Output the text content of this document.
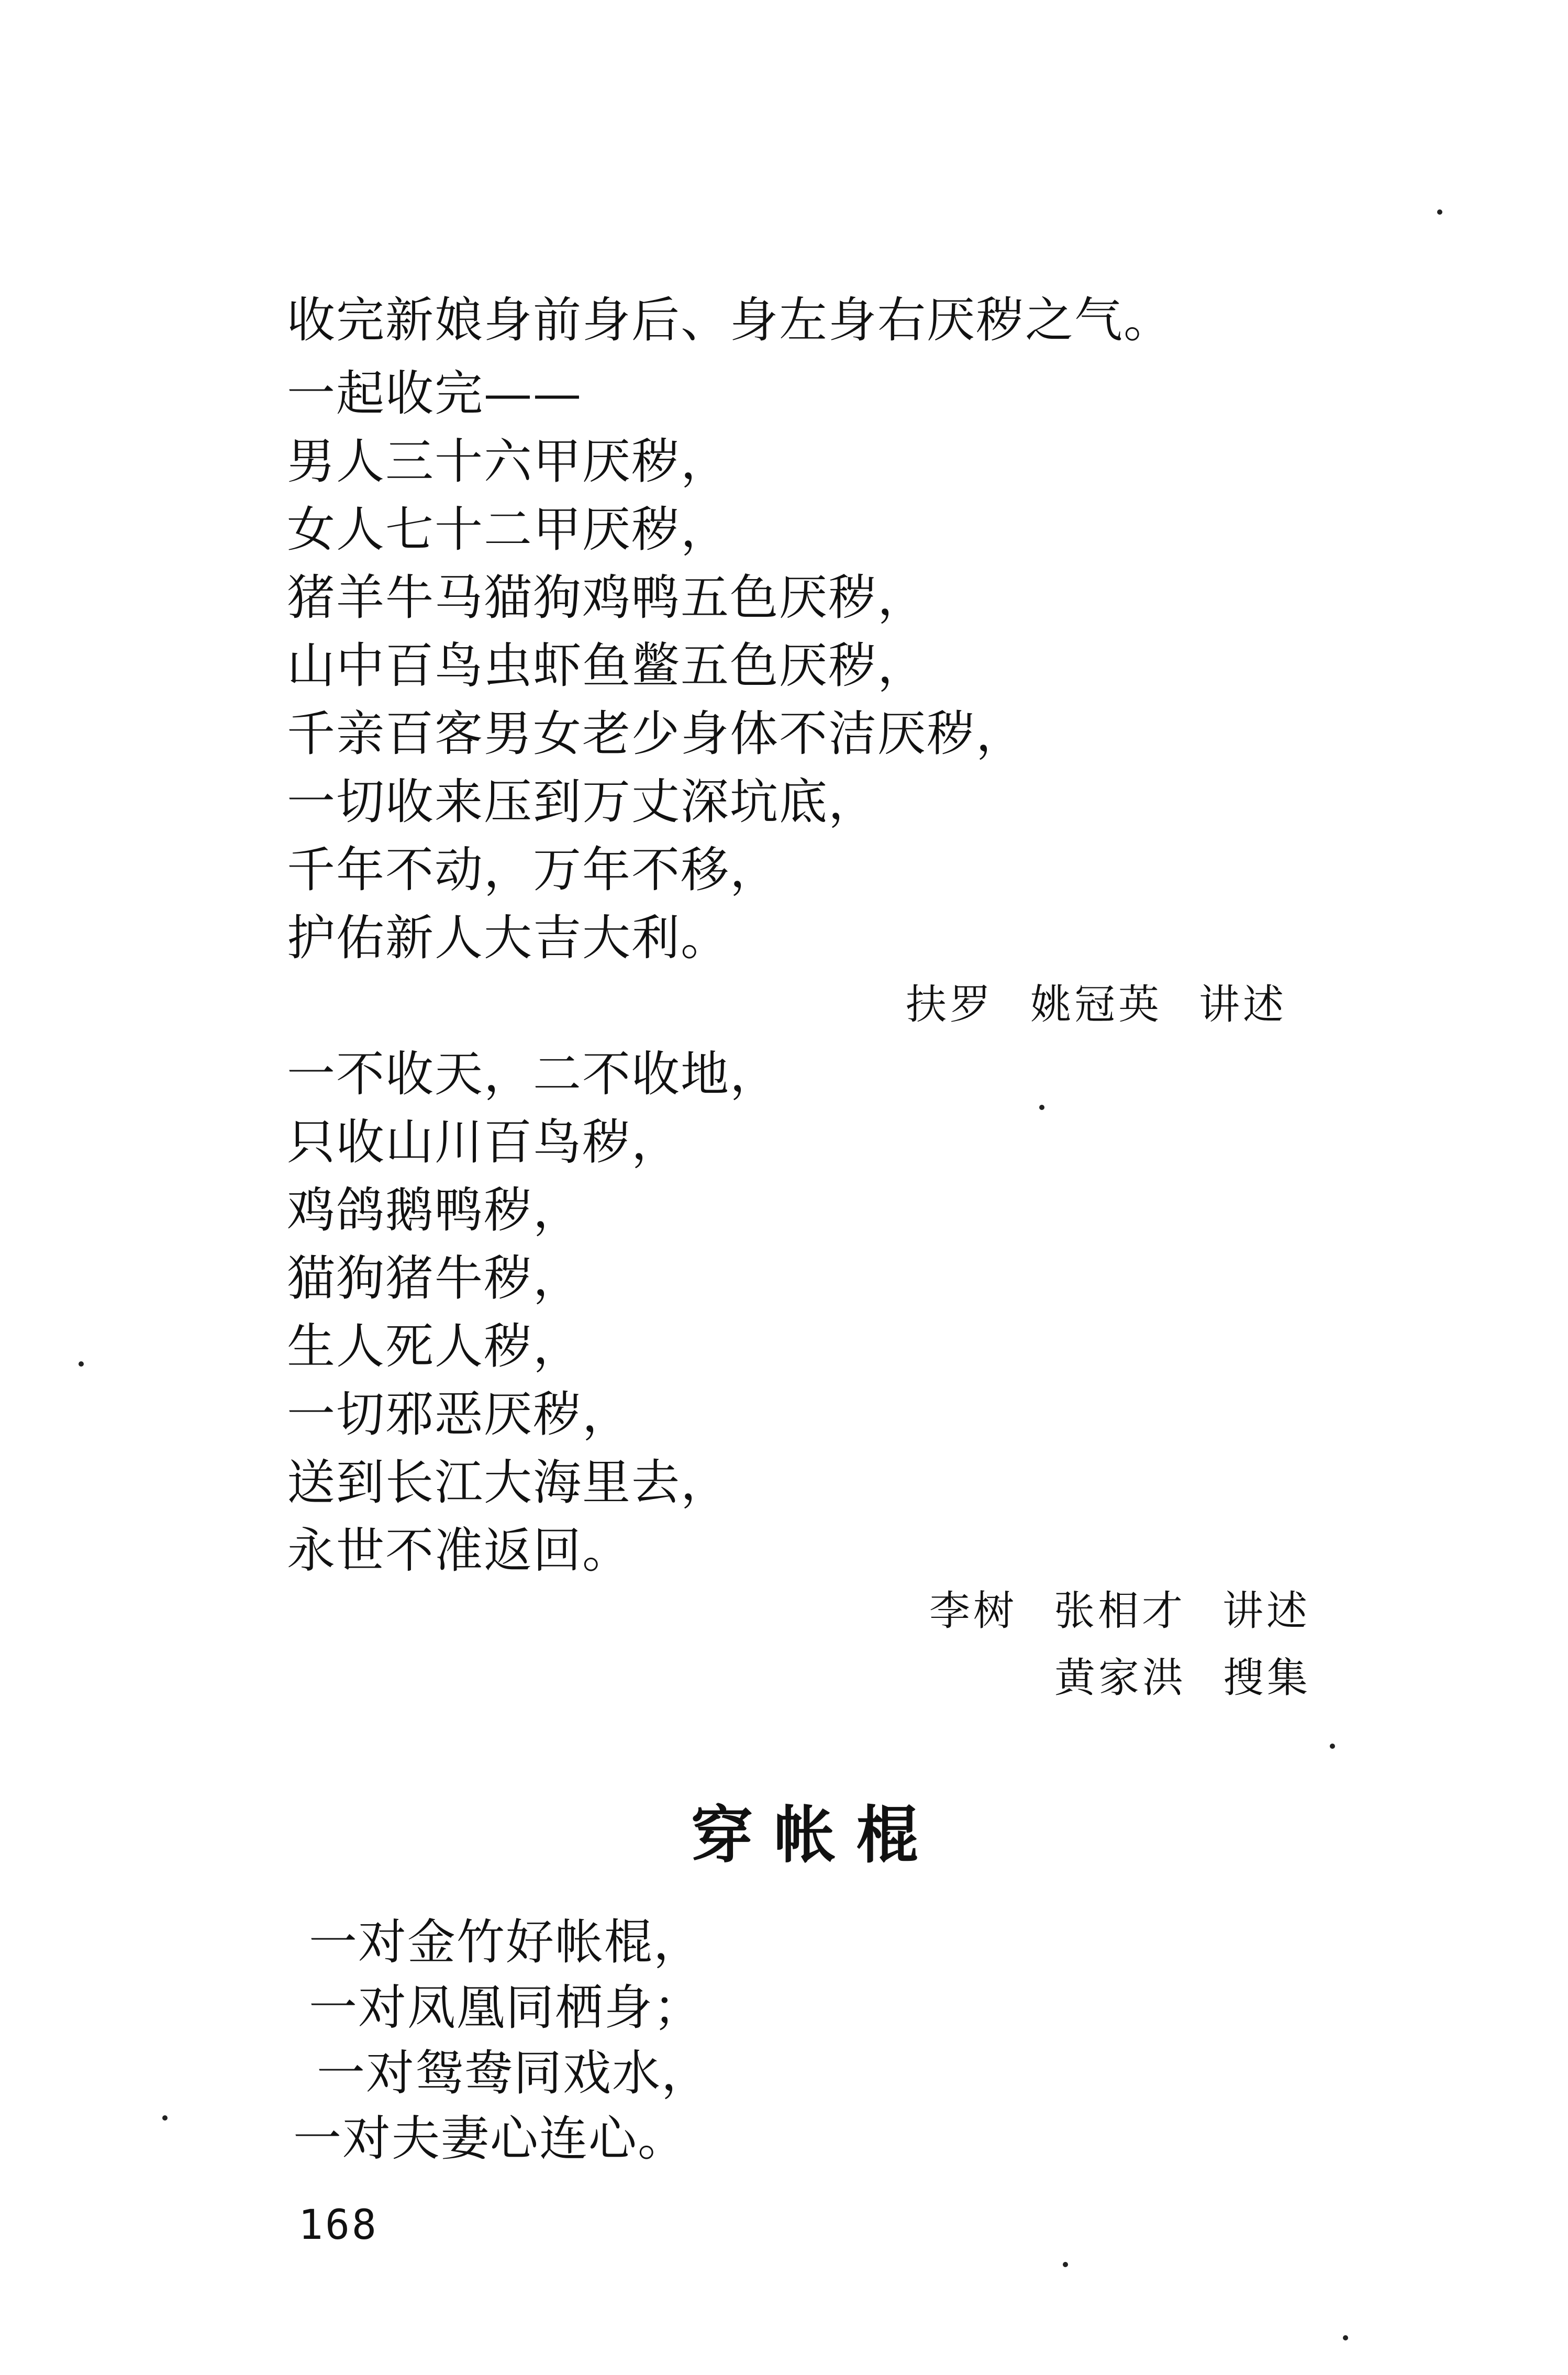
收完新娘身前身后、身左身右厌秽之气。
一起收完——
男人三十六甲厌秽，
女人七十二甲厌秽，
猪羊牛马猫狗鸡鸭五色厌秽，
山中百鸟虫虾鱼鳖五色厌秽，
千亲百客男女老少身体不洁厌秽，
一切收来压到万丈深坑底，
千年不动，万年不移，
护佑新人大吉大利。
扶罗 姚冠英 讲述
一不收天，二不收地，
只收山川百鸟秽，
鸡鸽鹅鸭秽，
猫狗猪牛秽，
生人死人秽，
一切邪恶厌秽，
送到长江大海里去，
永世不准返回。
李树 张相才 讲述
黄家洪 搜集
穿帐棍
一对金竹好帐棍，
一对凤凰同栖身；
一对鸳鸯同戏水，
一对夫妻心连心。
168
